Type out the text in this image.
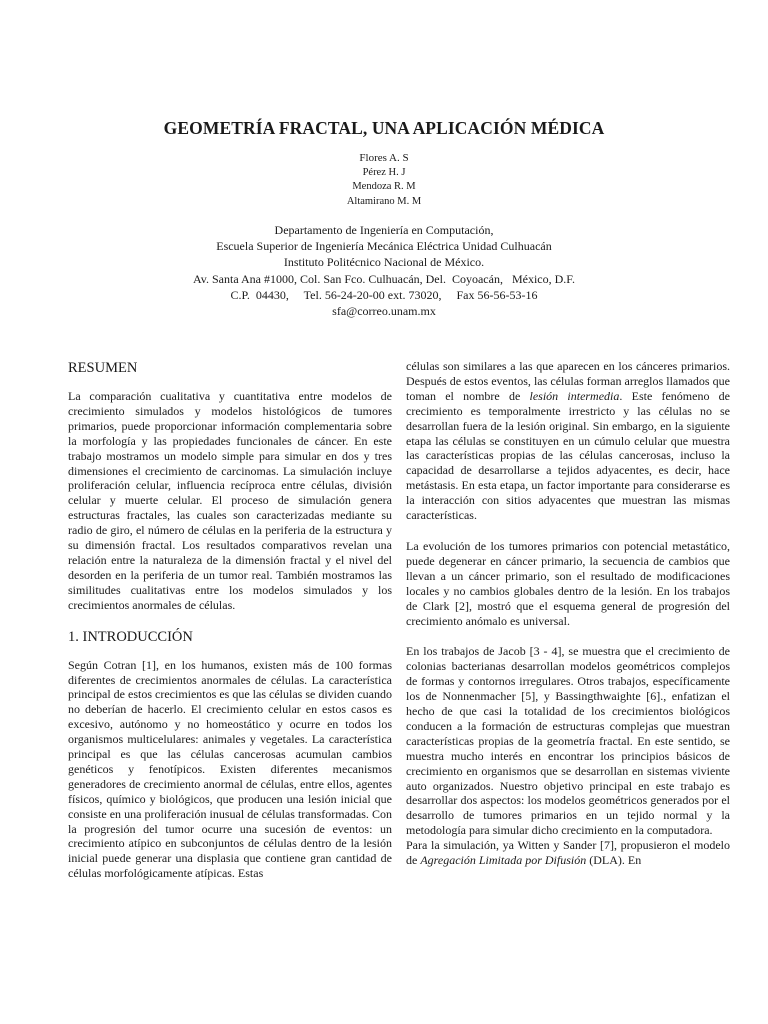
GEOMETRÍA FRACTAL, UNA APLICACIÓN MÉDICA
Flores A. S
Pérez H. J
Mendoza R. M
Altamirano M. M
Departamento de Ingeniería en Computación,
Escuela Superior de Ingeniería Mecánica Eléctrica Unidad Culhuacán
Instituto Politécnico Nacional de México.
Av. Santa Ana #1000, Col. San Fco. Culhuacán, Del.  Coyoacán,   México, D.F.
C.P.  04430,     Tel. 56-24-20-00 ext. 73020,     Fax 56-56-53-16
sfa@correo.unam.mx
RESUMEN

La comparación cualitativa y cuantitativa entre modelos de crecimiento simulados y modelos histológicos de tumores primarios, puede proporcionar información complementaria sobre la morfología y las propiedades funcionales de cáncer. En este trabajo mostramos un modelo simple para simular en dos y tres dimensiones el crecimiento de carcinomas. La simulación incluye proliferación celular, influencia recíproca entre células, división celular y muerte celular. El proceso de simulación genera estructuras fractales, las cuales son caracterizadas mediante su radio de giro, el número de células en la periferia de la estructura y su dimensión fractal. Los resultados comparativos revelan una relación entre la naturaleza de la dimensión fractal y el nivel del desorden en la periferia de un tumor real. También mostramos las similitudes cualitativas entre los modelos simulados y los crecimientos anormales de células.

1. INTRODUCCIÓN

Según Cotran [1], en los humanos, existen más de 100 formas diferentes de crecimientos anormales de células. La característica principal de estos crecimientos es que las células se dividen cuando no deberían de hacerlo. El crecimiento celular en estos casos es excesivo, autónomo y no homeostático y ocurre en todos los organismos multicelulares: animales y vegetales. La característica principal es que las células cancerosas acumulan cambios genéticos y fenotípicos. Existen diferentes mecanismos generadores de crecimiento anormal de células, entre ellos, agentes físicos, químico y biológicos, que producen una lesión inicial que consiste en una proliferación inusual de células transformadas. Con la progresión del tumor ocurre una sucesión de eventos: un crecimiento atípico en subconjuntos de células dentro de la lesión inicial puede generar una displasia que contiene gran cantidad de células morfológicamente atípicas. Estas

células son similares a las que aparecen en los cánceres primarios. Después de estos eventos, las células forman arreglos llamados que toman el nombre de lesión intermedia. Este fenómeno de crecimiento es temporalmente irrestricto y las células no se desarrollan fuera de la lesión original. Sin embargo, en la siguiente etapa las células se constituyen en un cúmulo celular que muestra las características propias de las células cancerosas, incluso la capacidad de desarrollarse a tejidos adyacentes, es decir, hace metástasis. En esta etapa, un factor importante para considerarse es la interacción con sitios adyacentes que muestran las mismas características.

La evolución de los tumores primarios con potencial metastático, puede degenerar en cáncer primario, la secuencia de cambios que llevan a un cáncer primario, son el resultado de modificaciones locales y no cambios globales dentro de la lesión. En los trabajos de Clark [2], mostró que el esquema general de progresión del crecimiento anómalo es universal.

En los trabajos de Jacob [3 - 4], se muestra que el crecimiento de colonias bacterianas desarrollan modelos geométricos complejos de formas y contornos irregulares. Otros trabajos, específicamente los de Nonnenmacher [5], y Bassingthwaighte [6]., enfatizan el hecho de que casi la totalidad de los crecimientos biológicos conducen a la formación de estructuras complejas que muestran características propias de la geometría fractal. En este sentido, se muestra mucho interés en encontrar los principios básicos de crecimiento en organismos que se desarrollan en sistemas viviente auto organizados. Nuestro objetivo principal en este trabajo es desarrollar dos aspectos: los modelos geométricos generados por el desarrollo de tumores primarios en un tejido normal y la metodología para simular dicho crecimiento en la computadora.

Para la simulación, ya Witten y Sander [7], propusieron el modelo de Agregación Limitada por Difusión (DLA). En
